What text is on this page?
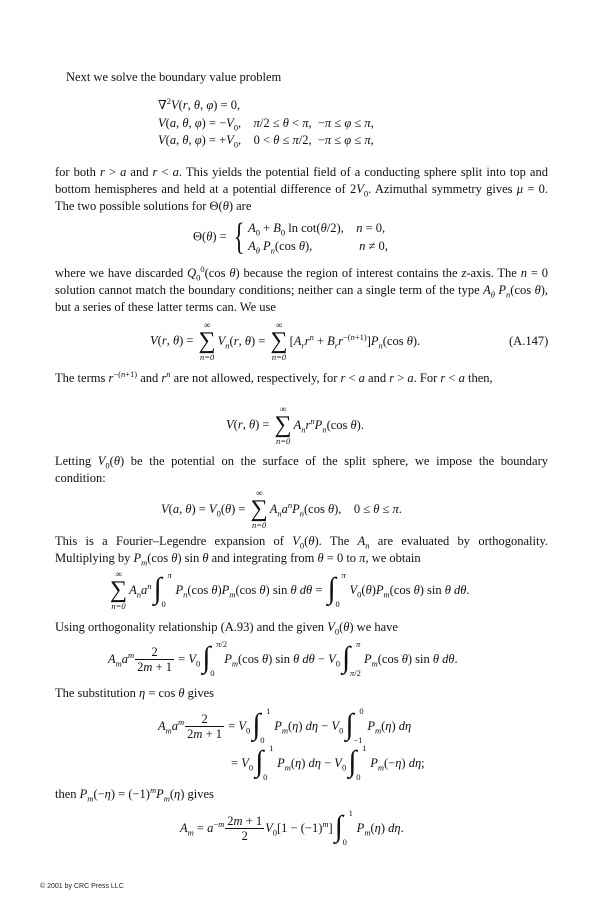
Next we solve the boundary value problem
∇$^2$V(r, θ, φ) = 0,
V(a, θ, $\varphi) = -V_0$,    π/2 ≤ θ < π,  −π ≤ φ ≤ π,
V(a, θ, $\varphi) = +V_0$,    0 < θ ≤ π/2,  −π ≤ φ ≤ π,
for both r > a and r < a. This yields the potential field of a conducting sphere split into top and bottom hemispheres and held at a potential difference of $2V_0$. Azimuthal symmetry gives μ = 0. The two possible solutions for Θ(θ) are
Θ(θ) = { $A_0 + B_0$ ln cot(θ/2),    n = 0,
$A_\theta$ $P_n(\cos$ θ),               n ≠ 0,
where we have discarded $Q_0^0(\cos$ θ) because the region of interest contains the z-axis. The n = 0 solution cannot match the boundary conditions; neither can a single term of the type $A_\theta$ $P_n(\cos$ θ), but a series of these latter terms can. We use
V(r, θ) =
∞
∑
n=0
$V_n(r$, θ) =
∞
∑
n=0
$[A_rr^n + B_rr^{-(n+1)}]P_n(\cos$ θ).	(A.147)
The terms $r^{-(n+1)}$ and $r^n$ are not allowed, respectively, for r < a and r > a. For r < a then,
V(r, θ) =
∞
∑
n=0
$A_nr^nP_n(\cos$ θ).
Letting $V_0(\theta)$ be the potential on the surface of the split sphere, we impose the boundary condition:
V(a, $\theta) = V_0(\theta)$ =
∞
∑
n=0
$A_na^nP_n(\cos$ θ),    0 ≤ θ ≤ π.
This is a Fourier–Legendre expansion of $V_0(\theta)$. The $A_n$ are evaluated by orthogonality. Multiplying by $P_m(\cos$ θ) sin θ and integrating from θ = 0 to π, we obtain
∞
∑
n=0
$A_na^n$ ∫ π
0
$P_n(\cos$ $\theta)P_m(\cos$ θ) sin θ dθ = ∫ π
0
$V_0(\theta)P_m(\cos$ θ) sin θ dθ.
Using orthogonality relationship (A.93) and the given $V_0(\theta)$ we have
$A_ma^m \frac{2}{2m + 1} = V_0$ ∫ π/2
0
$P_m(\cos$ θ) sin θ $d\theta - V_0$ ∫ π
π/2
$P_m(\cos$ θ) sin θ dθ.
The substitution η = cos θ gives
$A_ma^m \frac{2}{2m + 1} = V_0$ ∫ 1
0
$P_m(\eta) d\eta - V_0$ ∫ 0
−1
$P_m(\eta)$ dη
= $V_0$ ∫ 1
0
$P_m(\eta) d\eta - V_0$ ∫ 1
0
$P_m(-\eta)$ dη;
then $P_m(-\eta) = (-1)^mP_m(\eta)$ gives
$A_m = a^{-m} \frac{2m + 1}{2} V_0[1 - (-1)^m]$ ∫ 1
0
$P_m(\eta)$ dη.
© 2001 by CRC Press LLC
